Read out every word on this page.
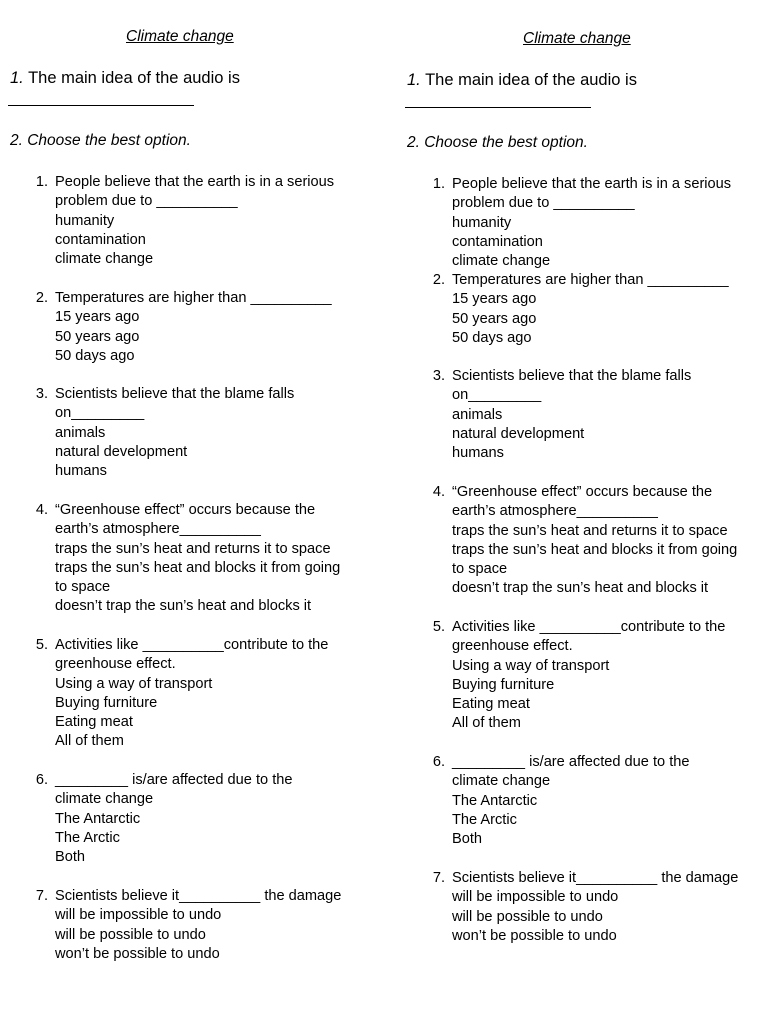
Climate change
1. The main idea of the audio is
2. Choose the best option.
1. People believe that the earth is in a serious
problem due to __________
humanity
contamination
climate change
2. Temperatures are higher than __________
15 years ago
50 years ago
50 days ago
3. Scientists believe that the blame falls
on_________
animals
natural development
humans
4. “Greenhouse effect” occurs because the
earth’s atmosphere__________
traps the sun’s heat and returns it to space
traps the sun’s heat and blocks it from going
to space
doesn’t trap the sun’s heat and blocks it
5. Activities like __________contribute to the
greenhouse effect.
Using a way of transport
Buying furniture
Eating meat
All of them
6. _________ is/are affected due to the
climate change
The Antarctic
The Arctic
Both
7. Scientists believe it__________ the damage
will be impossible to undo
will be possible to undo
won’t be possible to undo
Climate change
1. The main idea of the audio is
2. Choose the best option.
1. People believe that the earth is in a serious
problem due to __________
humanity
contamination
climate change
2. Temperatures are higher than __________
15 years ago
50 years ago
50 days ago
3. Scientists believe that the blame falls
on_________
animals
natural development
humans
4. “Greenhouse effect” occurs because the
earth’s atmosphere__________
traps the sun’s heat and returns it to space
traps the sun’s heat and blocks it from going
to space
doesn’t trap the sun’s heat and blocks it
5. Activities like __________contribute to the
greenhouse effect.
Using a way of transport
Buying furniture
Eating meat
All of them
6. _________ is/are affected due to the
climate change
The Antarctic
The Arctic
Both
7. Scientists believe it__________ the damage
will be impossible to undo
will be possible to undo
won’t be possible to undo
